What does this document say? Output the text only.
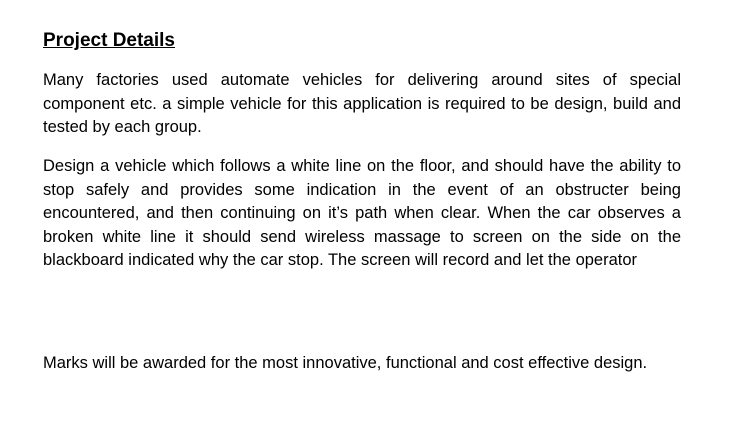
Project Details

Many factories used automate vehicles for delivering around sites of special component etc. a simple vehicle for this application is required to be design, build and tested by each group.

Design a vehicle which follows a white line on the floor, and should have the ability to stop safely and provides some indication in the event of an obstructer being encountered, and then continuing on it’s path when clear. When the car observes a broken white line it should send wireless massage to screen on the side on the blackboard indicated why the car stop. The screen will record and let the operator

Marks will be awarded for the most innovative, functional and cost effective design.
